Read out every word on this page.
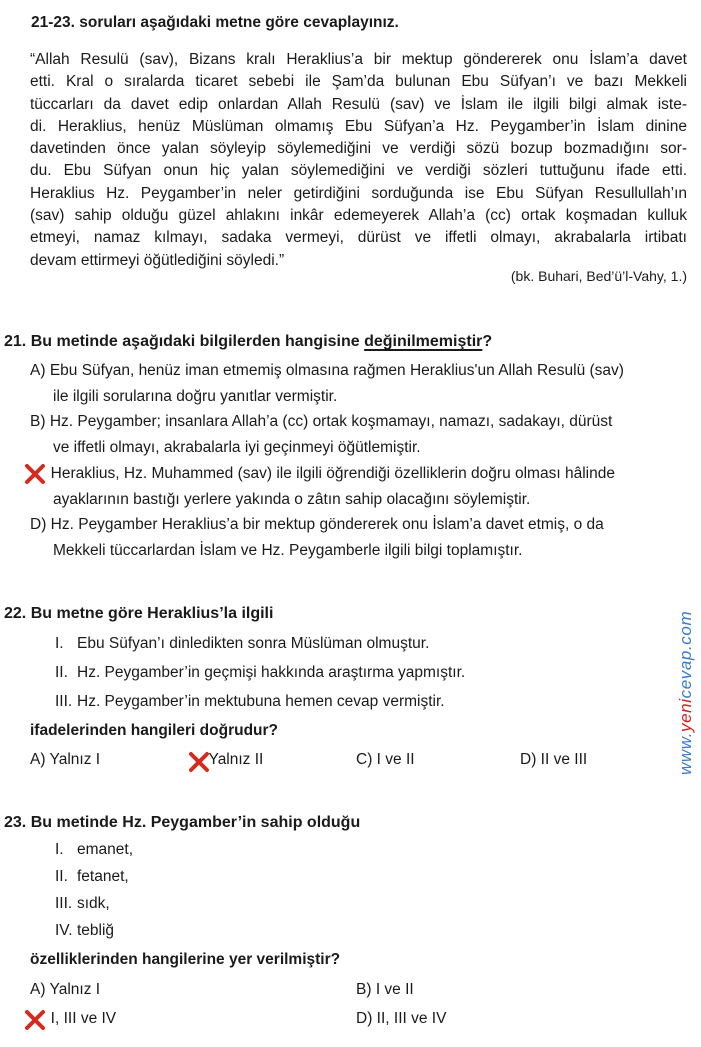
21-23. soruları aşağıdaki metne göre cevaplayınız.
“Allah Resulü (sav), Bizans kralı Heraklius’a bir mektup göndererek onu İslam’a davet
etti. Kral o sıralarda ticaret sebebi ile Şam’da bulunan Ebu Süfyan’ı ve bazı Mekkeli
tüccarları da davet edip onlardan Allah Resulü (sav) ve İslam ile ilgili bilgi almak iste-
di. Heraklius, henüz Müslüman olmamış Ebu Süfyan’a Hz. Peygamber’in İslam dinine
davetinden önce yalan söyleyip söylemediğini ve verdiği sözü bozup bozmadığını sor-
du. Ebu Süfyan onun hiç yalan söylemediğini ve verdiği sözleri tuttuğunu ifade etti.
Heraklius Hz. Peygamber’in neler getirdiğini sorduğunda ise Ebu Süfyan Resullullah’ın
(sav) sahip olduğu güzel ahlakını inkâr edemeyerek Allah’a (cc) ortak koşmadan kulluk
etmeyi, namaz kılmayı, sadaka vermeyi, dürüst ve iffetli olmayı, akrabalarla irtibatı
devam ettirmeyi öğütlediğini söyledi.”
(bk. Buhari, Bed’ü’l-Vahy, 1.)
21. Bu metinde aşağıdaki bilgilerden hangisine değinilmemiştir?
A) Ebu Süfyan, henüz iman etmemiş olmasına rağmen Heraklius'un Allah Resulü (sav)
ile ilgili sorularına doğru yanıtlar vermiştir.
B) Hz. Peygamber; insanlara Allah’a (cc) ortak koşmamayı, namazı, sadakayı, dürüst
ve iffetli olmayı, akrabalarla iyi geçinmeyi öğütlemiştir.
Heraklius, Hz. Muhammed (sav) ile ilgili öğrendiği özelliklerin doğru olması hâlinde
ayaklarının bastığı yerlere yakında o zâtın sahip olacağını söylemiştir.
D) Hz. Peygamber Heraklius’a bir mektup göndererek onu İslam’a davet etmiş, o da
Mekkeli tüccarlardan İslam ve Hz. Peygamberle ilgili bilgi toplamıştır.
22. Bu metne göre Heraklius’la ilgili
I. Ebu Süfyan’ı dinledikten sonra Müslüman olmuştur.
II. Hz. Peygamber’in geçmişi hakkında araştırma yapmıştır.
III. Hz. Peygamber’in mektubuna hemen cevap vermiştir.
ifadelerinden hangileri doğrudur?
A) Yalnız I	Yalnız II	C) I ve II	D) II ve III
23. Bu metinde Hz. Peygamber’in sahip olduğu
I. emanet,
II. fetanet,
III. sıdk,
IV. tebliğ
özelliklerinden hangilerine yer verilmiştir?
A) Yalnız I	B) I ve II
I, III ve IV	D) II, III ve IV
www.yenicevap.com
